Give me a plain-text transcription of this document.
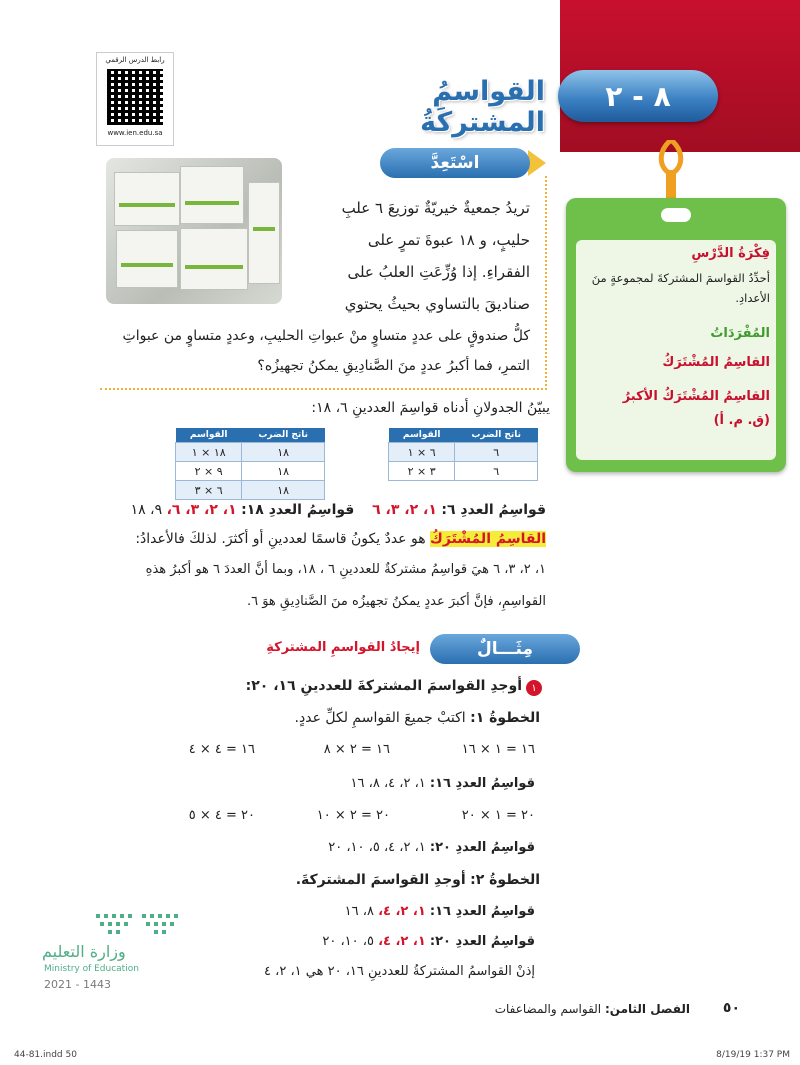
٨ - ٢
القواسمُ المشتركَةُ
رابط الدرس الرقمي
www.ien.edu.sa
فِكْرَةُ الدَّرْسِ
أحدِّدُ القواسمَ المشتركةَ لمجموعةٍ منَ الأعدادِ.
المُفْرَدَاتُ
القاسِمُ المُشْتَرَكُ
القاسِمُ المُشْتَرَكُ الأكبرُ
(ق. م. أ)
اسْتَعِدَّ
تريدُ جمعيةٌ خيريّةٌ توزيعَ ٦ علبِ
حليبٍ، و ١٨ عبوةَ تمرٍ على
الفقراءِ. إذا وُزِّعَتِ العلبُ على
صناديقَ بالتساوي بحيثُ يحتوي
كلُّ صندوقٍ على عددٍ متساوٍ منْ عبواتِ الحليبِ، وعددٍ متساوٍ من عبواتِ
التمرِ، فما أكبرُ عددٍ منَ الصَّنادِيقِ يمكنُ تجهيزُه؟
يبيّنُ الجدولانِ أدناه قواسِمَ العددينِ ٦، ١٨:
القواسم	ناتج الضرب
٦ × ١	٦
٣ × ٢	٦
القواسم	ناتج الضرب
١٨ × ١	١٨
٩ × ٢	١٨
٦ × ٣	١٨
قواسِمُ العددِ ٦: ١، ٢، ٣، ٦    قواسِمُ العددِ ١٨: ١، ٢، ٣، ٦، ٩، ١٨
القاسِمُ المُشْتَرَكُ هو عددٌ يكونُ قاسمًا لعددينِ أو أكثرَ. لذلكَ فالأعدادُ:
١، ٢، ٣، ٦ هيَ قواسِمُ مشتركةٌ للعددينِ ٦ ، ١٨، وبما أنَّ العددَ ٦ هو أكبرُ هذهِ
القواسِمِ، فإنَّ أكبرَ عددٍ يمكنُ تجهيزُه منَ الصَّنادِيقِ هوَ ٦.
مِثَـــالٌ
إيجادُ القواسمِ المشتركةِ
١
أوجدِ القواسمَ المشتركةَ للعددينِ ١٦، ٢٠:
الخطوةُ ١: اكتبْ جميعَ القواسمِ لكلِّ عددٍ.
١٦ = ١ × ١٦
١٦ = ٢ × ٨
١٦ = ٤ × ٤
قواسِمُ العددِ ١٦: ١، ٢، ٤، ٨، ١٦
٢٠ = ١ × ٢٠
٢٠ = ٢ × ١٠
٢٠ = ٤ × ٥
قواسِمُ العددِ ٢٠: ١، ٢، ٤، ٥، ١٠، ٢٠
الخطوةُ ٢: أوجدِ القواسمَ المشتركةَ.
قواسِمُ العددِ ١٦: ١، ٢، ٤، ٨، ١٦
قواسِمُ العددِ ٢٠: ١، ٢، ٤، ٥، ١٠، ٢٠
إذنْ القواسمُ المشتركةُ للعددينِ ١٦، ٢٠ هي ١، ٢، ٤
وزارة التعليم
Ministry of Education
2021 - 1443
٥٠
الفصل الثامن: القواسم والمضاعفات
44-81.indd 50	8/19/19 1:37 PM
